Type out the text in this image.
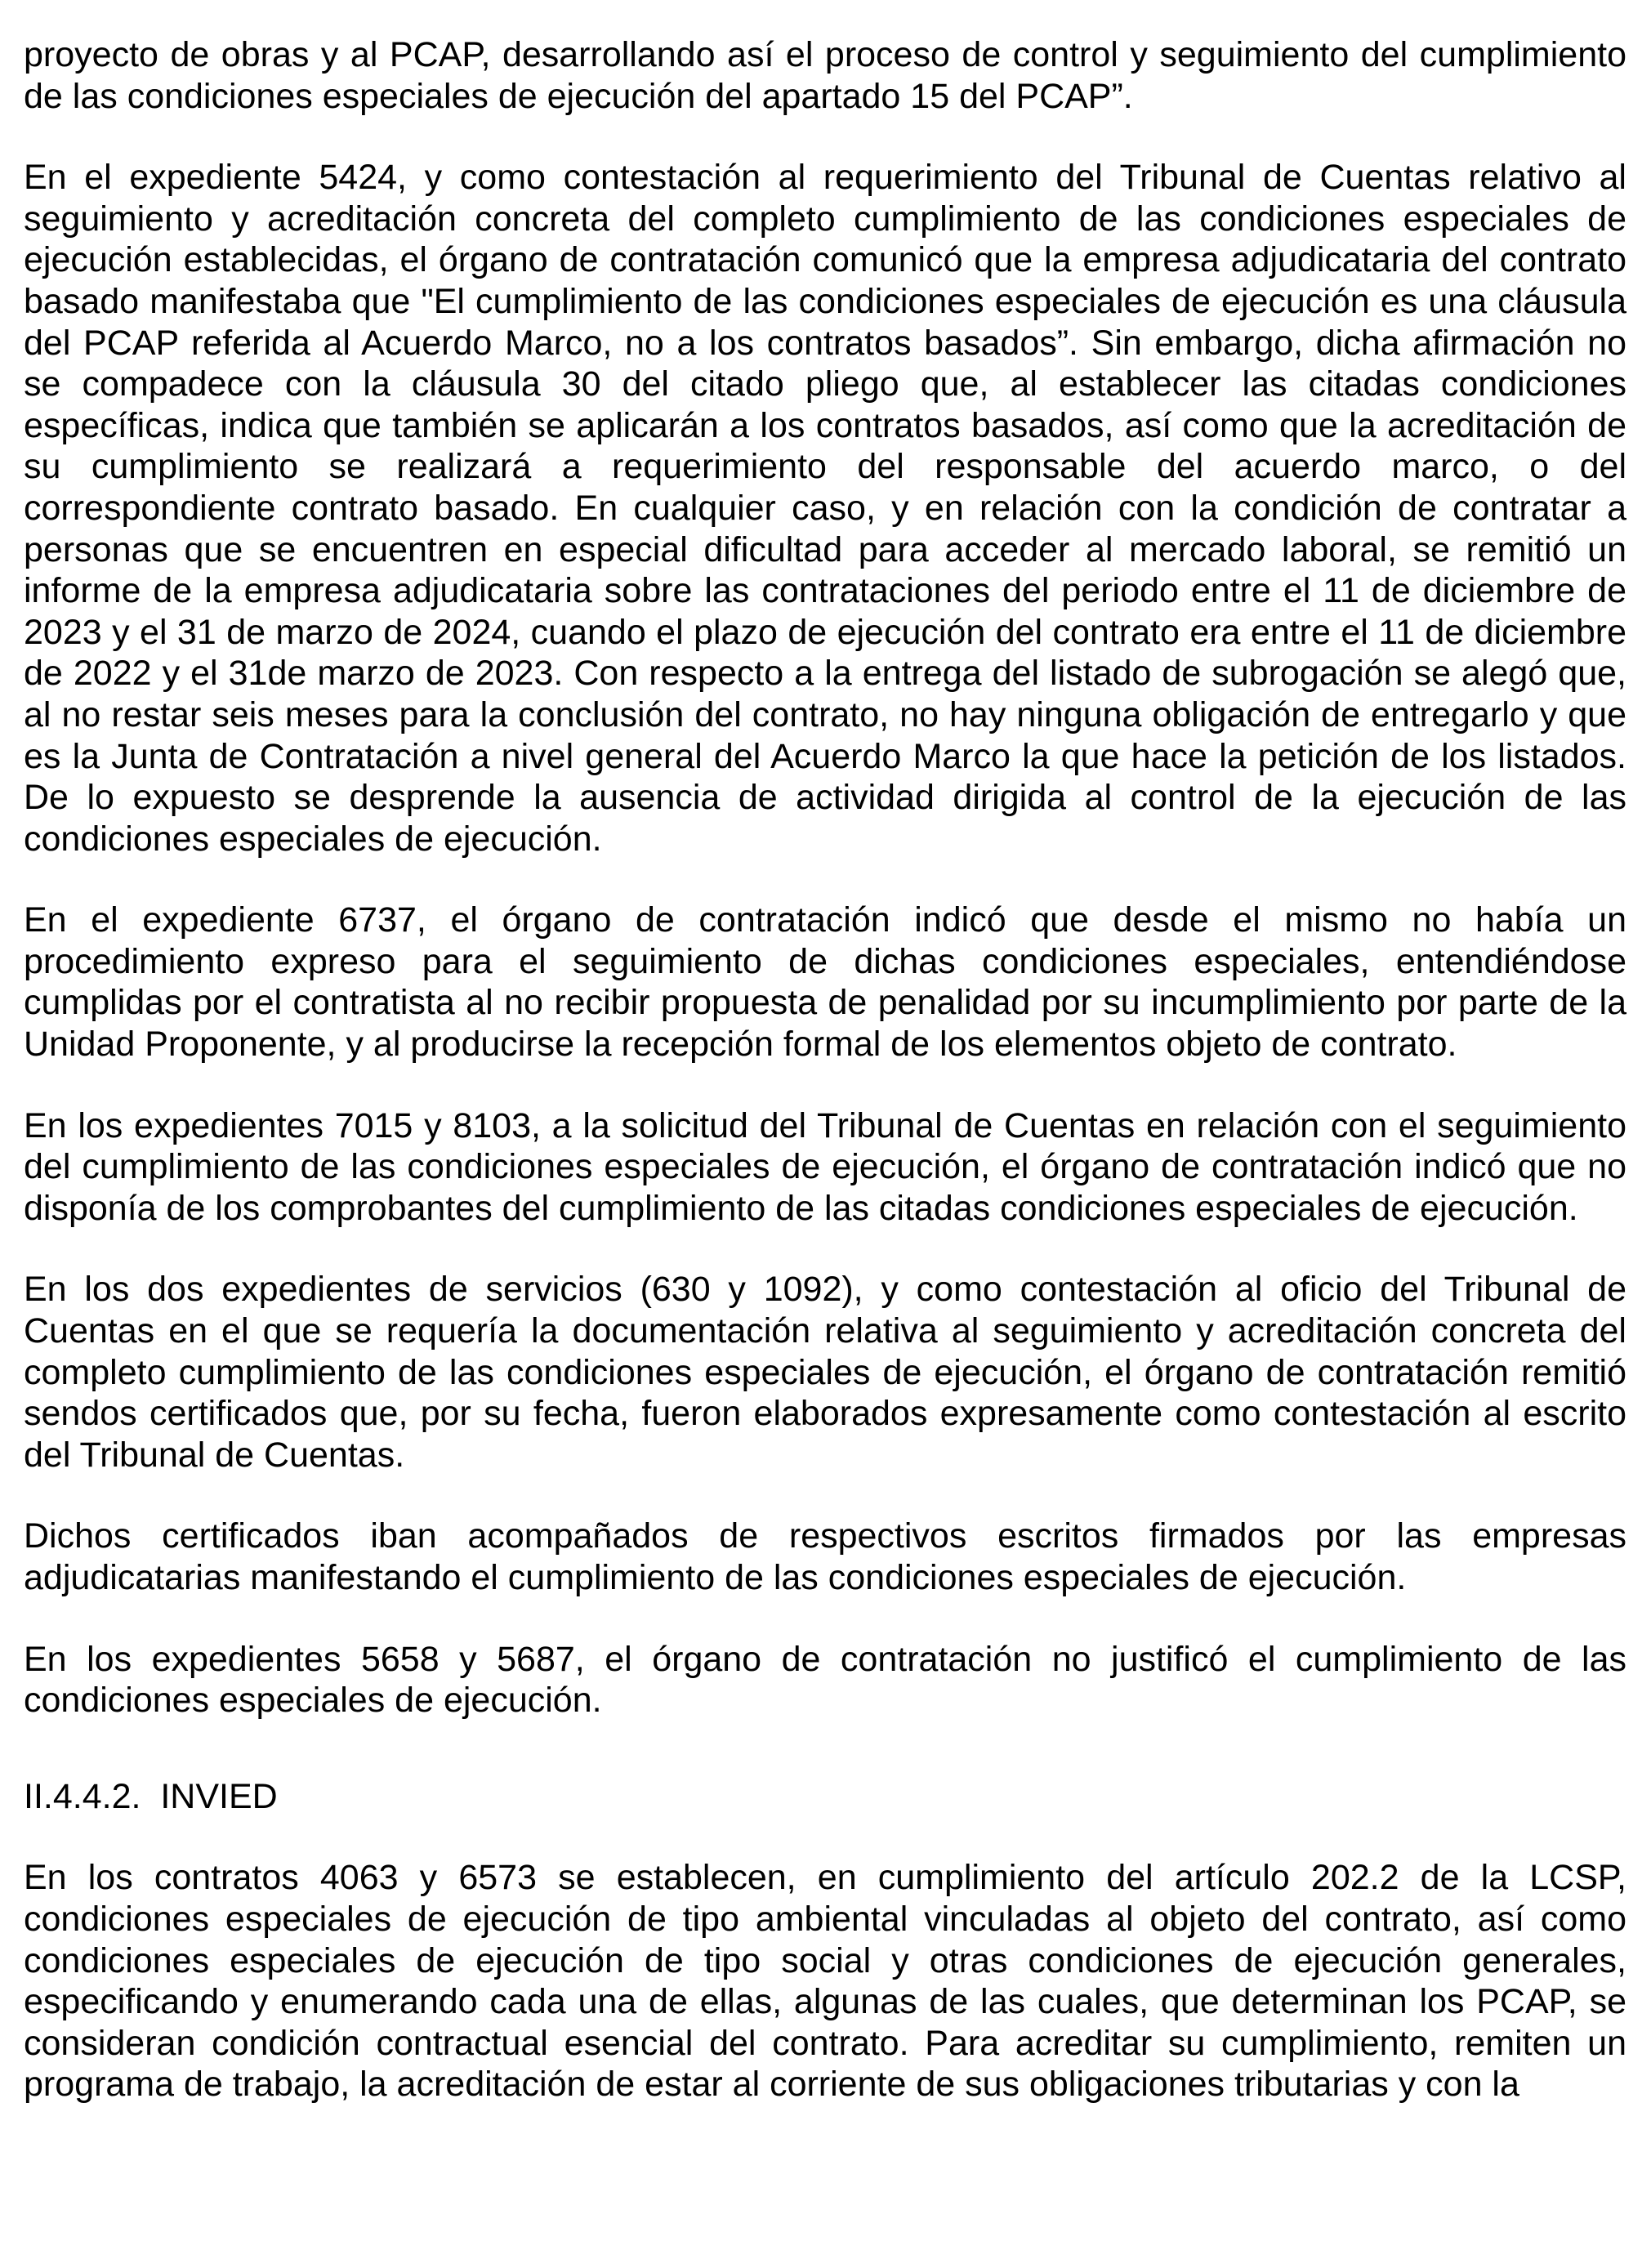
proyecto de obras y al PCAP, desarrollando así el proceso de control y seguimiento del cumplimiento de las condiciones especiales de ejecución del apartado 15 del PCAP”.

En el expediente 5424, y como contestación al requerimiento del Tribunal de Cuentas relativo al seguimiento y acreditación concreta del completo cumplimiento de las condiciones especiales de ejecución establecidas, el órgano de contratación comunicó que la empresa adjudicataria del contrato basado manifestaba que "El cumplimiento de las condiciones especiales de ejecución es una cláusula del PCAP referida al Acuerdo Marco, no a los contratos basados”. Sin embargo, dicha afirmación no se compadece con la cláusula 30 del citado pliego que, al establecer las citadas condiciones específicas, indica que también se aplicarán a los contratos basados, así como que la acreditación de su cumplimiento se realizará a requerimiento del responsable del acuerdo marco, o del correspondiente contrato basado. En cualquier caso, y en relación con la condición de contratar a personas que se encuentren en especial dificultad para acceder al mercado laboral, se remitió un informe de la empresa adjudicataria sobre las contrataciones del periodo entre el 11 de diciembre de 2023 y el 31 de marzo de 2024, cuando el plazo de ejecución del contrato era entre el 11 de diciembre de 2022 y el 31de marzo de 2023. Con respecto a la entrega del listado de subrogación se alegó que, al no restar seis meses para la conclusión del contrato, no hay ninguna obligación de entregarlo y que es la Junta de Contratación a nivel general del Acuerdo Marco la que hace la petición de los listados. De lo expuesto se desprende la ausencia de actividad dirigida al control de la ejecución de las condiciones especiales de ejecución.

En el expediente 6737, el órgano de contratación indicó que desde el mismo no había un procedimiento expreso para el seguimiento de dichas condiciones especiales, entendiéndose cumplidas por el contratista al no recibir propuesta de penalidad por su incumplimiento por parte de la Unidad Proponente, y al producirse la recepción formal de los elementos objeto de contrato.

En los expedientes 7015 y 8103, a la solicitud del Tribunal de Cuentas en relación con el seguimiento del cumplimiento de las condiciones especiales de ejecución, el órgano de contratación indicó que no disponía de los comprobantes del cumplimiento de las citadas condiciones especiales de ejecución.

En los dos expedientes de servicios (630 y 1092), y como contestación al oficio del Tribunal de Cuentas en el que se requería la documentación relativa al seguimiento y acreditación concreta del completo cumplimiento de las condiciones especiales de ejecución, el órgano de contratación remitió sendos certificados que, por su fecha, fueron elaborados expresamente como contestación al escrito del Tribunal de Cuentas.

Dichos certificados iban acompañados de respectivos escritos firmados por las empresas adjudicatarias manifestando el cumplimiento de las condiciones especiales de ejecución.

En los expedientes 5658 y 5687, el órgano de contratación no justificó el cumplimiento de las condiciones especiales de ejecución.

II.4.4.2.  INVIED

En los contratos 4063 y 6573 se establecen, en cumplimiento del artículo 202.2 de la LCSP, condiciones especiales de ejecución de tipo ambiental vinculadas al objeto del contrato, así como condiciones especiales de ejecución de tipo social y otras condiciones de ejecución generales, especificando y enumerando cada una de ellas, algunas de las cuales, que determinan los PCAP, se consideran condición contractual esencial del contrato. Para acreditar su cumplimiento, remiten un programa de trabajo, la acreditación de estar al corriente de sus obligaciones tributarias y con la
